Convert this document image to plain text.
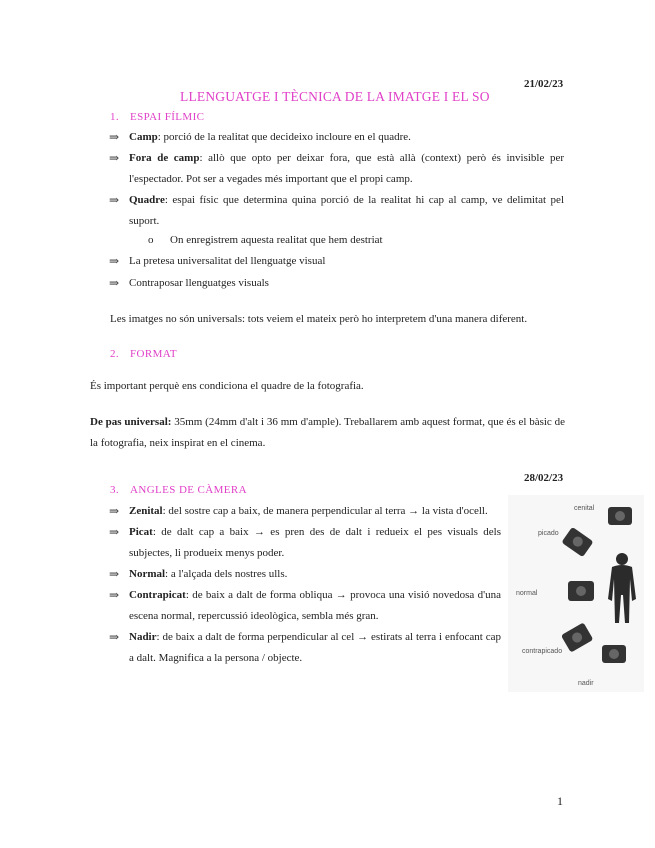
21/02/23
LLENGUATGE I TÈCNICA DE LA IMATGE I EL SO
1. ESPAI FÍLMIC
⇒ Camp: porció de la realitat que decideixo incloure en el quadre.
⇒ Fora de camp: allò que opto per deixar fora, que està allà (context) però és invisible per l'espectador. Pot ser a vegades més important que el propi camp.
⇒ Quadre: espai físic que determina quina porció de la realitat hi cap al camp, ve delimitat pel suport.
o On enregistrem aquesta realitat que hem destriat
⇒ La pretesa universalitat del llenguatge visual
⇒ Contraposar llenguatges visuals
Les imatges no són universals: tots veiem el mateix però ho interpretem d'una manera diferent.
2. FORMAT
És important perquè ens condiciona el quadre de la fotografia.
De pas universal: 35mm (24mm d'alt i 36 mm d'ample). Treballarem amb aquest format, que és el bàsic de la fotografia, neix inspirat en el cinema.
28/02/23
3. ANGLES DE CÀMERA
⇒ Zenital: del sostre cap a baix, de manera perpendicular al terra → la vista d'ocell.
⇒ Picat: de dalt cap a baix → es pren des de dalt i redueix el pes visuals dels subjectes, li produeix menys poder.
⇒ Normal: a l'alçada dels nostres ulls.
⇒ Contrapicat: de baix a dalt de forma obliqua → provoca una visió novedosa d'una escena normal, repercussió ideològica, sembla més gran.
⇒ Nadir: de baix a dalt de forma perpendicular al cel → estirats al terra i enfocant cap a dalt. Magnifica a la persona / objecte.
cenital
picado
normal
contrapicado
nadir
1
